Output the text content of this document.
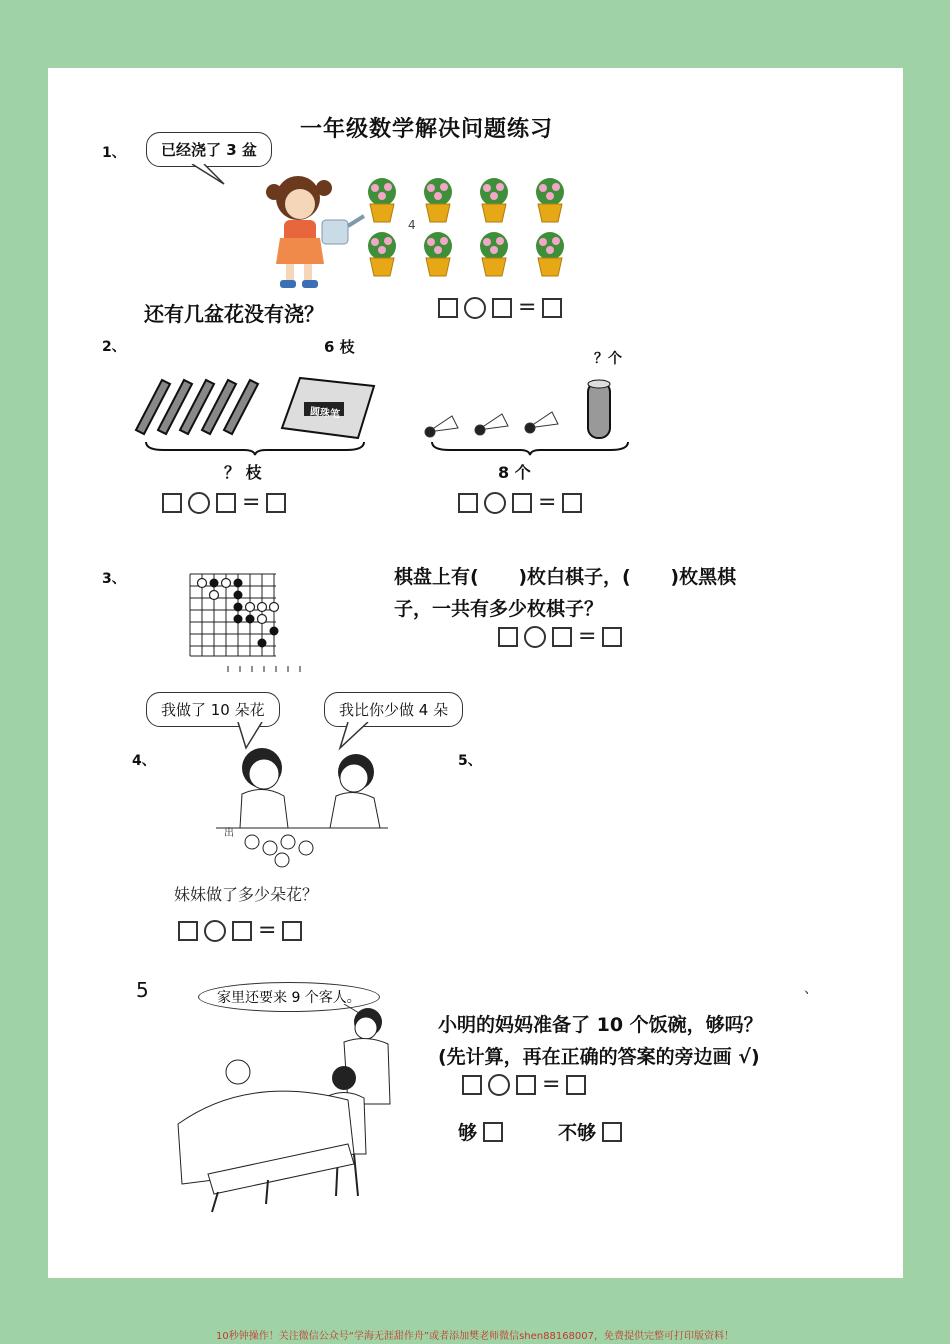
一年级数学解决问题练习
1、	已经浇了 3 盆
4
还有几盆花没有浇？	=
2、	6 枝
圆珠笔
？ 枝
=
？个
8 个
=
3、	棋盘上有(      )枚白棋子，(      )枚黑棋
子，一共有多少枚棋子？
=
我做了 10 朵花	我比你少做 4 朵
4、
出
5、
妹妹做了多少朵花？
=
5	家里还要来 9 个客人。
、
小明的妈妈准备了 10 个饭碗，够吗？
(先计算，再在正确的答案的旁边画 √)
=
够	不够
10秒钟操作！关注微信公众号“学海无涯甜作舟”或者添加樊老师微信shen88168007，免费提供完整可打印版资料！
